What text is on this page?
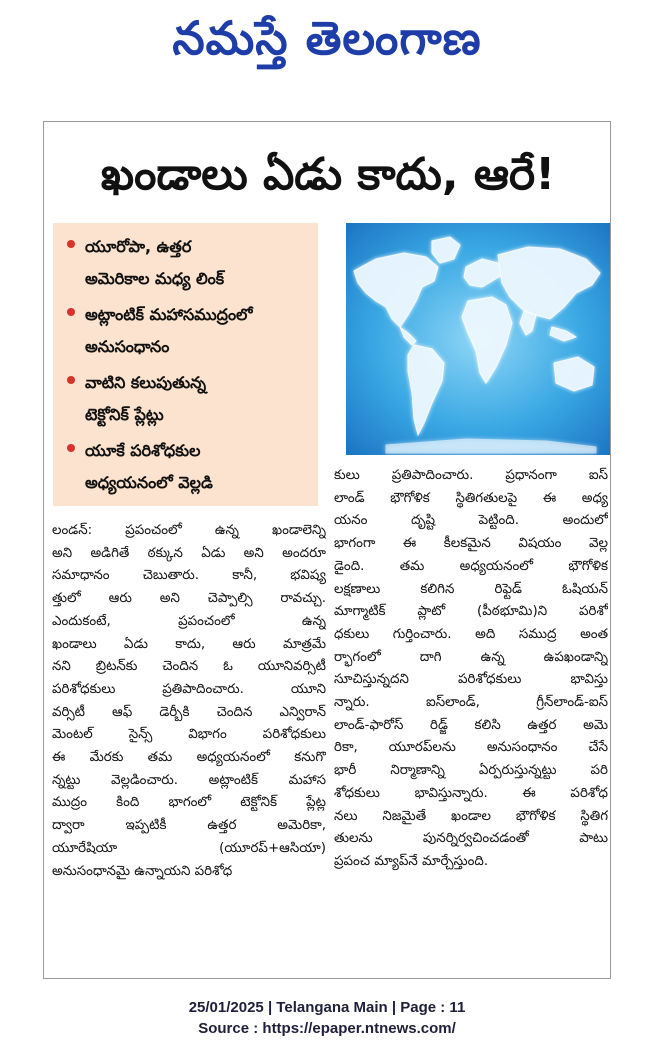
నమస్తే తెలంగాణ
ఖండాలు ఏడు కాదు, ఆరే!
యూరోపా, ఉత్తర
అమెరికాల మధ్య లింక్
అట్లాంటిక్ మహాసముద్రంలో
అనుసంధానం
వాటిని కలుపుతున్న
టెక్టోనిక్ ప్లేట్లు
యూకే పరిశోధకుల
అధ్యయనంలో వెల్లడి
లండన్: ప్రపంచంలో ఉన్న ఖండాలెన్ని
అని అడిగితే ఠక్కున ఏడు అని అందరూ
సమాధానం చెబుతారు. కానీ, భవిష్య
త్తులో ఆరు అని చెప్పాల్సి రావచ్చు.
ఎందుకంటే, ప్రపంచంలో ఉన్న
ఖండాలు ఏడు కాదు, ఆరు మాత్రమే
నని బ్రిటన్‌కు చెందిన ఓ యూనివర్సిటీ
పరిశోధకులు ప్రతిపాదించారు. యూని
వర్సిటీ ఆఫ్ డెర్బీకి చెందిన ఎన్విరాన్
మెంటల్ సైన్స్ విభాగం పరిశోధకులు
ఈ మేరకు తమ అధ్యయనంలో కనుగొ
న్నట్టు వెల్లడించారు. అట్లాంటిక్ మహాస
ముద్రం కింది భాగంలో టెక్టోనిక్ ప్లేట్ల
ద్వారా ఇప్పటికీ ఉత్తర అమెరికా,
యూరేషియా (యూరప్+ఆసియా)
అనుసంధానమై ఉన్నాయని పరిశోధ
కులు ప్రతిపాదించారు. ప్రధానంగా ఐస్
లాండ్ భౌగోళిక స్థితిగతులపై ఈ అధ్య
యనం దృష్టి పెట్టింది. అందులో
భాగంగా ఈ కీలకమైన విషయం వెల్ల
డైంది. తమ అధ్యయనంలో భౌగోళిక
లక్షణాలు కలిగిన రిఫ్టెడ్ ఓషియన్
మాగ్మాటిక్ ప్లాటో (పీఠభూమి)ని పరిశో
ధకులు గుర్తించారు. అది సముద్ర అంత
ర్భాగంలో దాగి ఉన్న ఉపఖండాన్ని
సూచిస్తున్నదని పరిశోధకులు భావిస్తు
న్నారు. ఐస్‌లాండ్, గ్రీన్‌లాండ్-ఐస్
లాండ్-ఫారోస్ రిడ్జ్ కలిసి ఉత్తర అమె
రికా, యూరప్‌లను అనుసంధానం చేసే
భారీ నిర్మాణాన్ని ఏర్పరుస్తున్నట్టు పరి
శోధకులు భావిస్తున్నారు. ఈ పరిశోధ
నలు నిజమైతే ఖండాల భౌగోళిక స్థితిగ
తులను పునర్నిర్వచించడంతో పాటు
ప్రపంచ మ్యాప్‌నే మార్చేస్తుంది.
25/01/2025 | Telangana Main | Page : 11
Source : https://epaper.ntnews.com/
